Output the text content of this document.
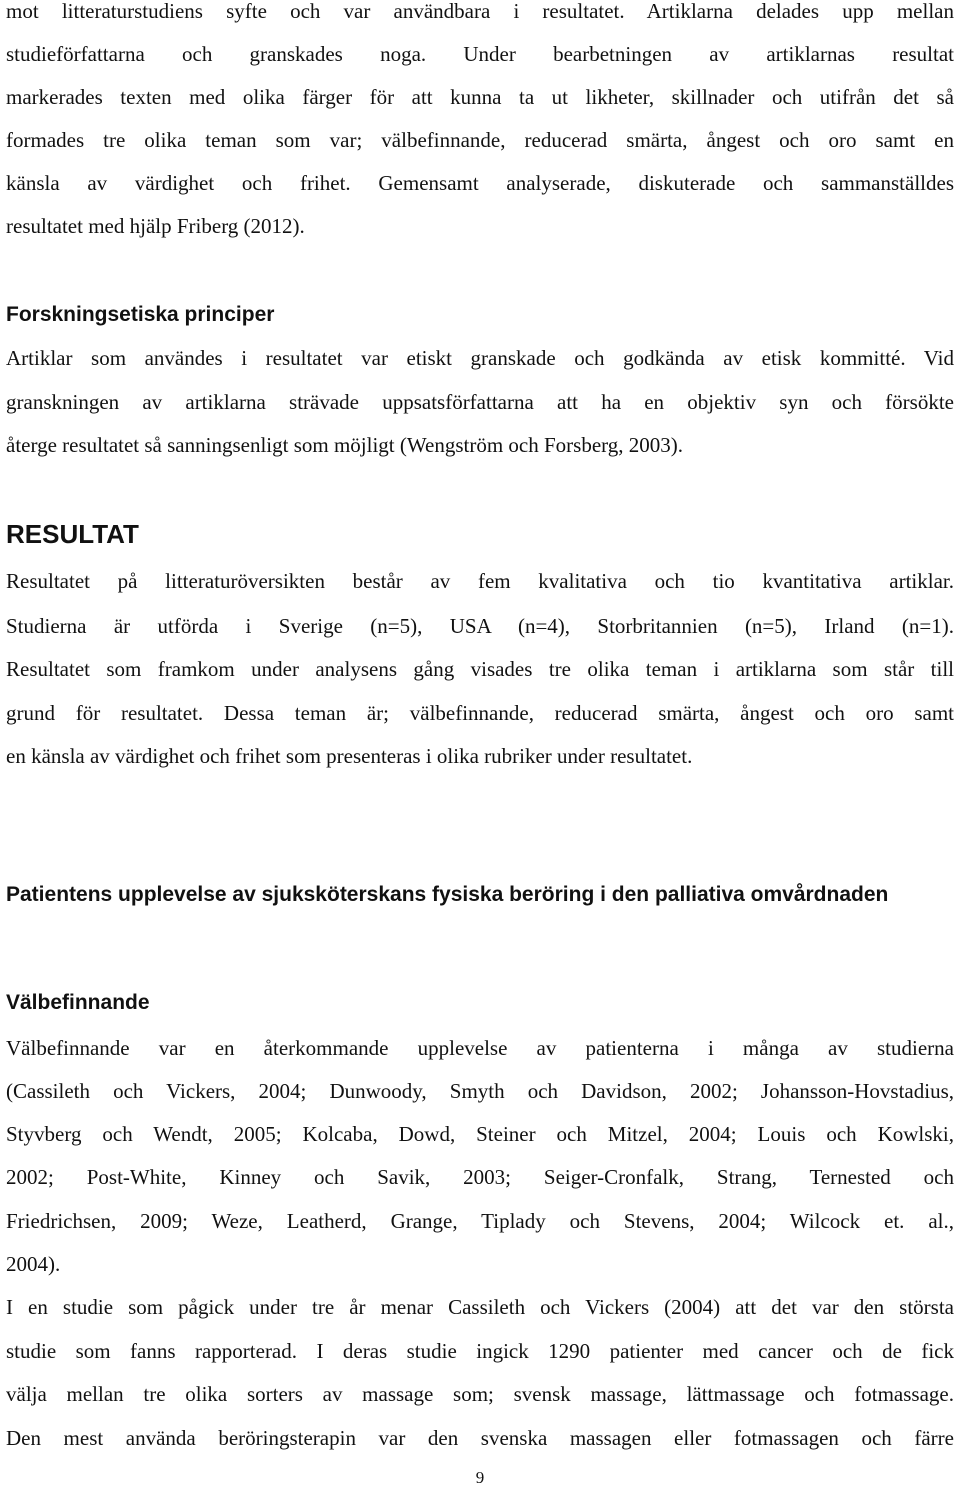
mot litteraturstudiens syfte och var användbara i resultatet. Artiklarna delades upp mellan
studieförfattarna och granskades noga. Under bearbetningen av artiklarnas resultat
markerades texten med olika färger för att kunna ta ut likheter, skillnader och utifrån det så
formades tre olika teman som var; välbefinnande, reducerad smärta, ångest och oro samt en
känsla av värdighet och frihet. Gemensamt analyserade, diskuterade och sammanställdes
resultatet med hjälp Friberg (2012).
Forskningsetiska principer
Artiklar som användes i resultatet var etiskt granskade och godkända av etisk kommitté. Vid
granskningen av artiklarna strävade uppsatsförfattarna att ha en objektiv syn och försökte
återge resultatet så sanningsenligt som möjligt (Wengström och Forsberg, 2003).
RESULTAT
Resultatet på litteraturöversikten består av fem kvalitativa och tio kvantitativa artiklar.
Studierna är utförda i Sverige (n=5), USA (n=4), Storbritannien (n=5), Irland (n=1).
Resultatet som framkom under analysens gång visades tre olika teman i artiklarna som står till
grund för resultatet. Dessa teman är; välbefinnande, reducerad smärta, ångest och oro samt
en känsla av värdighet och frihet som presenteras i olika rubriker under resultatet.
Patientens upplevelse av sjuksköterskans fysiska beröring i den palliativa omvårdnaden
Välbefinnande
Välbefinnande var en återkommande upplevelse av patienterna i många av studierna
(Cassileth och Vickers, 2004; Dunwoody, Smyth och Davidson, 2002; Johansson-Hovstadius,
Styvberg och Wendt, 2005; Kolcaba, Dowd, Steiner och Mitzel, 2004; Louis och Kowlski,
2002; Post-White, Kinney och Savik, 2003; Seiger-Cronfalk, Strang, Ternested och
Friedrichsen, 2009; Weze, Leatherd, Grange, Tiplady och Stevens, 2004; Wilcock et. al.,
2004).
I en studie som pågick under tre år menar Cassileth och Vickers (2004) att det var den största
studie som fanns rapporterad. I deras studie ingick 1290 patienter med cancer och de fick
välja mellan tre olika sorters av massage som; svensk massage, lättmassage och fotmassage.
Den mest använda beröringsterapin var den svenska massagen eller fotmassagen och färre
9
